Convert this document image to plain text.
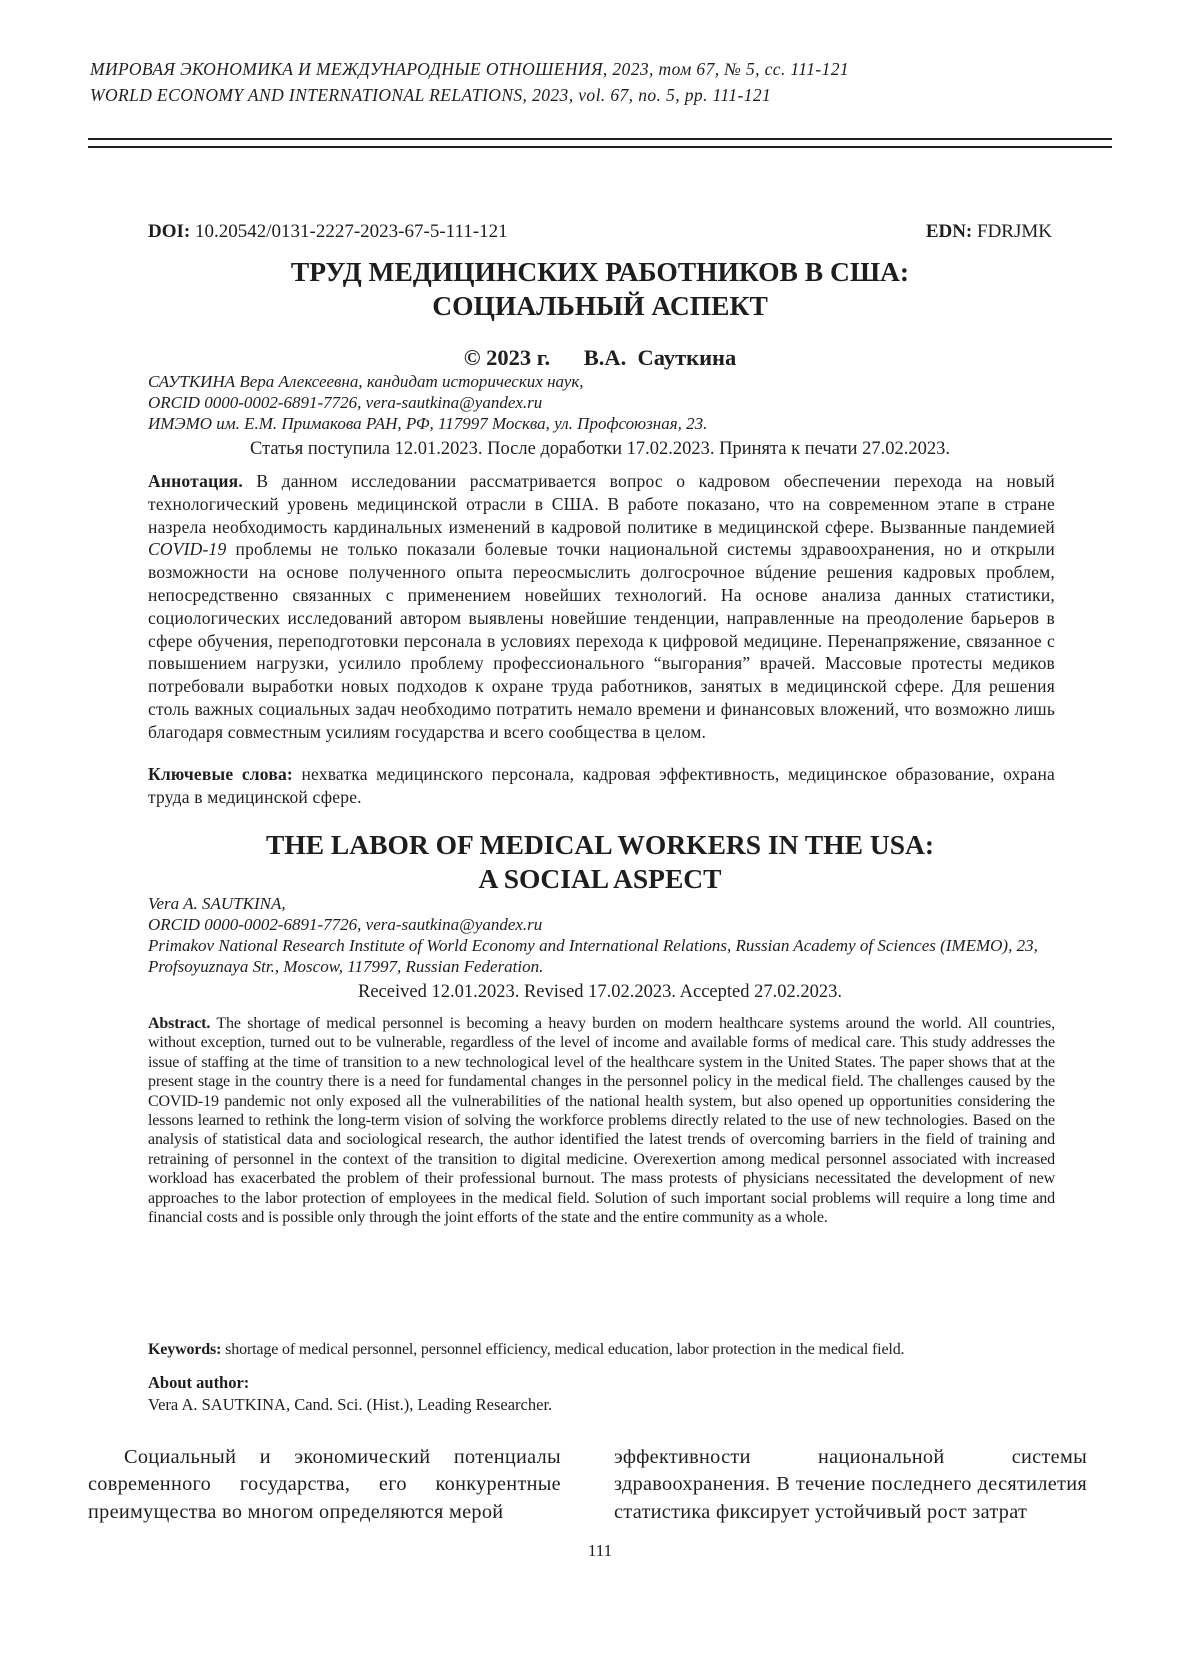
МИРОВАЯ ЭКОНОМИКА И МЕЖДУНАРОДНЫЕ ОТНОШЕНИЯ, 2023, том 67, № 5, сс. 111-121
WORLD ECONOMY AND INTERNATIONAL RELATIONS, 2023, vol. 67, no. 5, pp. 111-121
DOI: 10.20542/0131-2227-2023-67-5-111-121	EDN: FDRJMK
ТРУД МЕДИЦИНСКИХ РАБОТНИКОВ В США:
СОЦИАЛЬНЫЙ АСПЕКТ
© 2023 г. В.А.  Сауткина
САУТКИНА Вера Алексеевна, кандидат исторических наук,
ORCID 0000-0002-6891-7726, vera-sautkina@yandex.ru
ИМЭМО им. Е.М. Примакова РАН, РФ, 117997 Москва, ул. Профсоюзная, 23.
Статья поступила 12.01.2023. После доработки 17.02.2023. Принята к печати 27.02.2023.
Аннотация. В данном исследовании рассматривается вопрос о кадровом обеспечении перехода на новый технологический уровень медицинской отрасли в США. В работе показано, что на современном этапе в стране назрела необходимость кардинальных изменений в кадровой политике в медицинской сфере. Вызванные пандемией COVID-19 проблемы не только показали болевые точки национальной системы здравоохранения, но и открыли возможности на основе полученного опыта переосмыслить долгосрочное вúдение решения кадровых проблем, непосредственно связанных с применением новейших технологий. На основе анализа данных статистики, социологических исследований автором выявлены новейшие тенденции, направленные на преодоление барьеров в сфере обучения, переподготовки персонала в условиях перехода к цифровой медицине. Перенапряжение, связанное с повышением нагрузки, усилило проблему профессионального “выгорания” врачей. Массовые протесты медиков потребовали выработки новых подходов к охране труда работников, занятых в медицинской сфере. Для решения столь важных социальных задач необходимо потратить немало времени и финансовых вложений, что возможно лишь благодаря совместным усилиям государства и всего сообщества в целом.
Ключевые слова: нехватка медицинского персонала, кадровая эффективность, медицинское образование, охрана труда в медицинской сфере.
THE LABOR OF MEDICAL WORKERS IN THE USA:
A SOCIAL ASPECT
Vera A. SAUTKINA,
ORCID 0000-0002-6891-7726, vera-sautkina@yandex.ru
Primakov National Research Institute of World Economy and International Relations, Russian Academy of Sciences (IMEMO), 23, Profsoyuznaya Str., Moscow, 117997, Russian Federation.
Received 12.01.2023. Revised 17.02.2023. Accepted 27.02.2023.
Abstract. The shortage of medical personnel is becoming a heavy burden on modern healthcare systems around the world. All countries, without exception, turned out to be vulnerable, regardless of the level of income and available forms of medical care. This study addresses the issue of staffing at the time of transition to a new technological level of the healthcare system in the United States. The paper shows that at the present stage in the country there is a need for fundamental changes in the personnel policy in the medical field. The challenges caused by the COVID-19 pandemic not only exposed all the vulnerabilities of the national health system, but also opened up opportunities considering the lessons learned to rethink the long-term vision of solving the workforce problems directly related to the use of new technologies. Based on the analysis of statistical data and sociological research, the author identified the latest trends of overcoming barriers in the field of training and retraining of personnel in the context of the transition to digital medicine. Overexertion among medical personnel associated with increased workload has exacerbated the problem of their professional burnout. The mass protests of physicians necessitated the development of new approaches to the labor protection of employees in the medical field. Solution of such important social problems will require a long time and financial costs and is possible only through the joint efforts of the state and the entire community as a whole.
Keywords: shortage of medical personnel, personnel efficiency, medical education, labor protection in the medical field.
About author:
Vera A. SAUTKINA, Cand. Sci. (Hist.), Leading Researcher.
Социальный и экономический потенциалы современного государства, его конкурентные преимущества во многом определяются мерой
эффективности национальной системы здравоохранения. В течение последнего десятилетия статистика фиксирует устойчивый рост затрат
111
